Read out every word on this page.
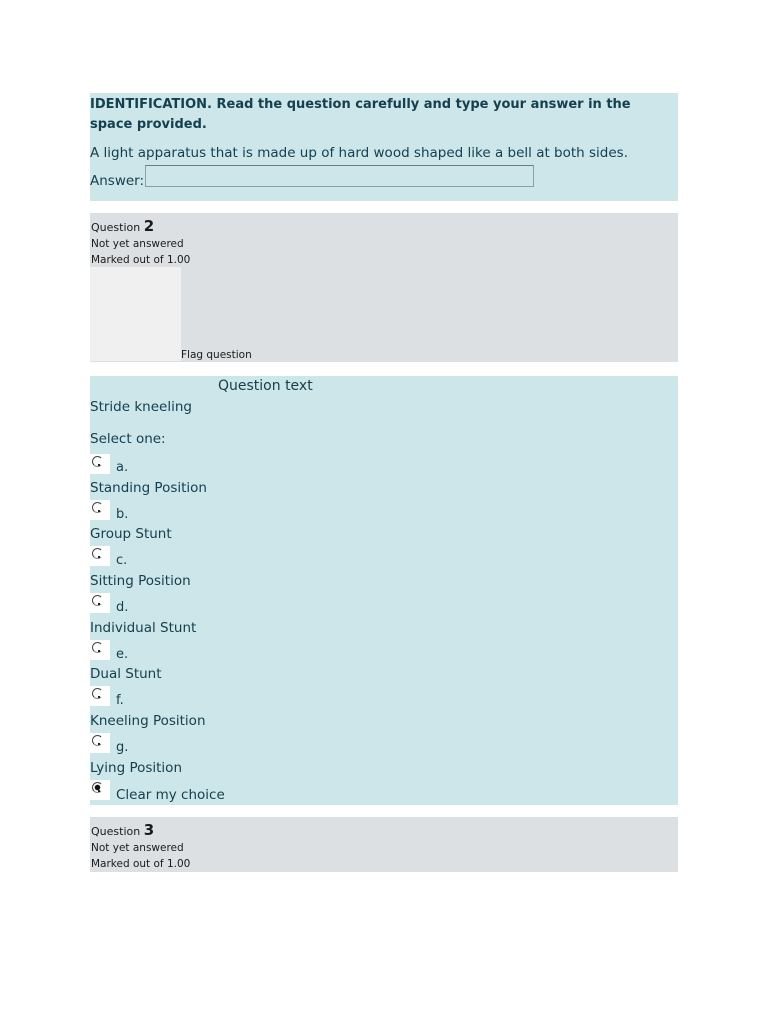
IDENTIFICATION. Read the question carefully and type your answer in the space provided.
A light apparatus that is made up of hard wood shaped like a bell at both sides.
Answer:
Question 2
Not yet answered
Marked out of 1.00
Flag question
Question text
Stride kneeling
Select one:
a.
Standing Position
b.
Group Stunt
c.
Sitting Position
d.
Individual Stunt
e.
Dual Stunt
f.
Kneeling Position
g.
Lying Position
Clear my choice
Question 3
Not yet answered
Marked out of 1.00
